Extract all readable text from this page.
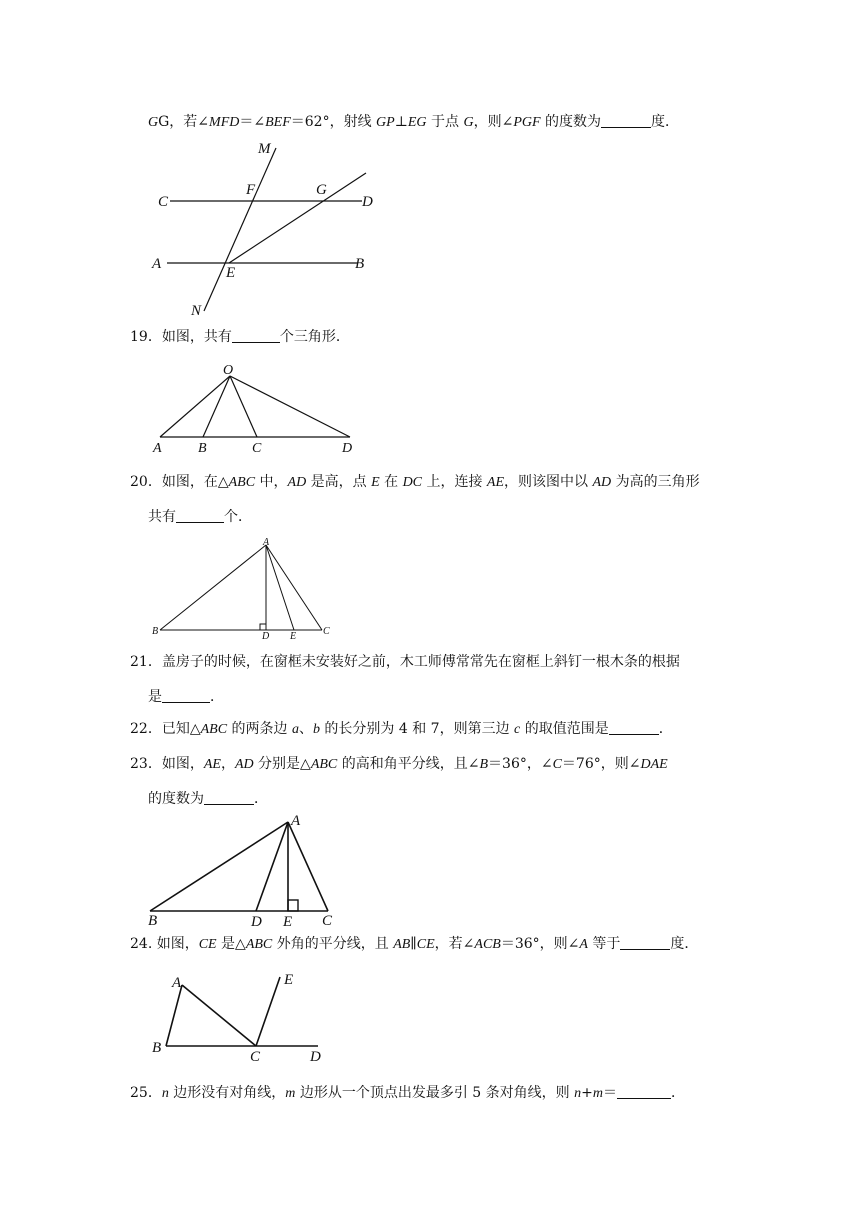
GG，若∠MFD＝∠BEF＝62°，射线 GP⊥EG 于点 G，则∠PGF 的度数为	度．
M
C
F	G
D
A
E
B
N
19．如图，共有	个三角形．
O
A	B	C	D
20．如图，在△ABC 中，AD 是高，点 E 在 DC 上，连接 AE，则该图中以 AD 为高的三角形
共有	个．
A
B	D E	C
21．盖房子的时候，在窗框未安装好之前，木工师傅常常先在窗框上斜钉一根木条的根据
是	．
22．已知△ABC 的两条边 a、b 的长分别为 4 和 7，则第三边 c 的取值范围是	．
23．如图，AE，AD 分别是△ABC 的高和角平分线，且∠B＝36°，∠C＝76°，则∠DAE
的度数为	．
A
B	D E C
24. 如图，CE 是△ABC 外角的平分线，且 AB∥CE，若∠ACB＝36°，则∠A 等于	度．
A	E
B
C	D
25．n 边形没有对角线，m 边形从一个顶点出发最多引 5 条对角线，则 n+m＝	．
